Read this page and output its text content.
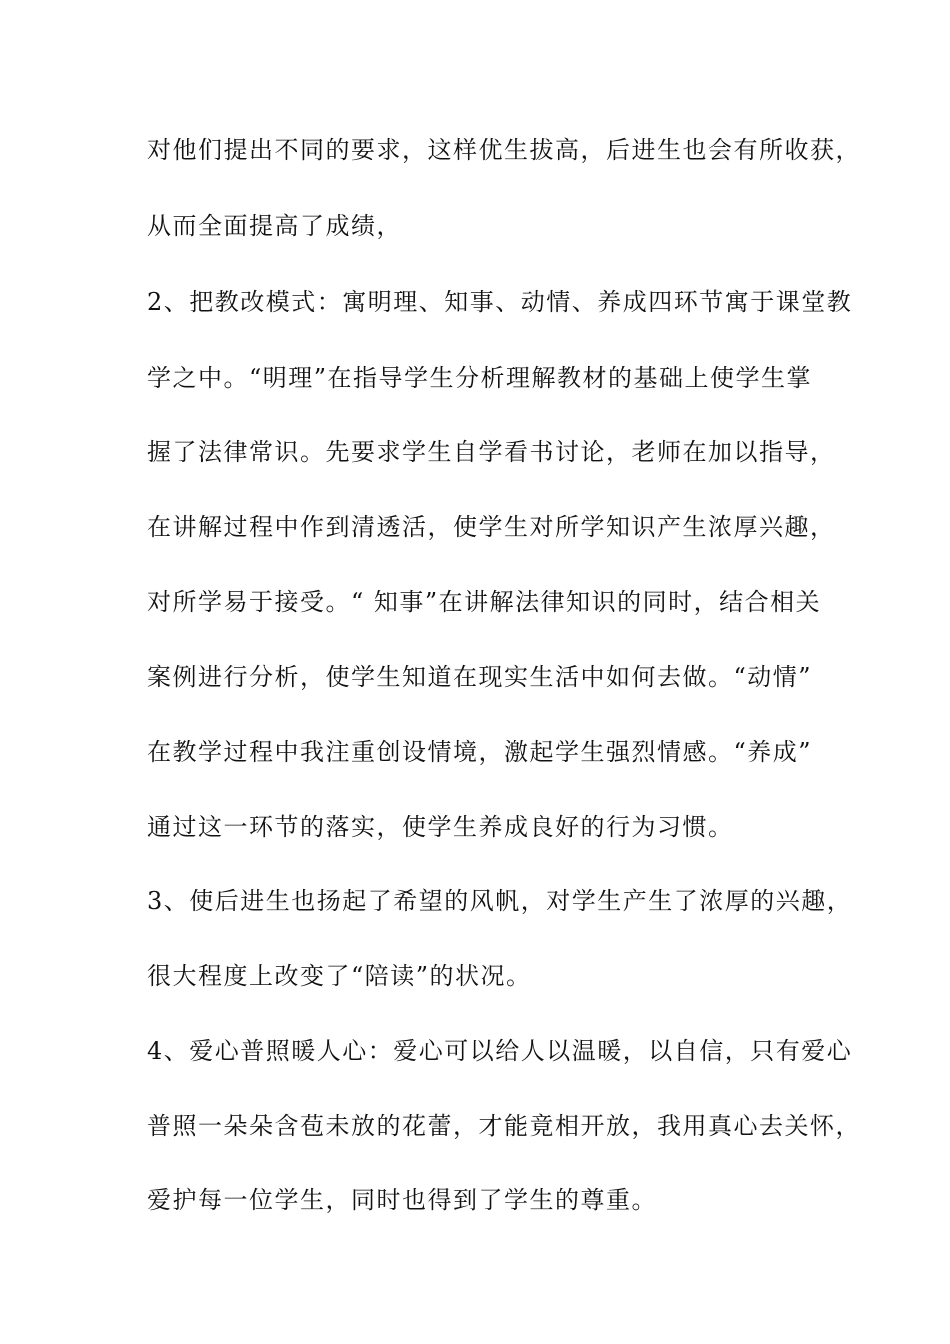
对他们提出不同的要求，这样优生拔高，后进生也会有所收获，
从而全面提高了成绩，
2、把教改模式：寓明理、知事、动情、养成四环节寓于课堂教
学之中。“明理”在指导学生分析理解教材的基础上使学生掌
握了法律常识。先要求学生自学看书讨论，老师在加以指导，
在讲解过程中作到清透活，使学生对所学知识产生浓厚兴趣，
对所学易于接受。“ 知事”在讲解法律知识的同时，结合相关
案例进行分析，使学生知道在现实生活中如何去做。“动情”
在教学过程中我注重创设情境，激起学生强烈情感。“养成”
通过这一环节的落实，使学生养成良好的行为习惯。
3、使后进生也扬起了希望的风帆，对学生产生了浓厚的兴趣，
很大程度上改变了“陪读”的状况。
4、爱心普照暖人心：爱心可以给人以温暖，以自信，只有爱心
普照一朵朵含苞未放的花蕾，才能竟相开放，我用真心去关怀，
爱护每一位学生，同时也得到了学生的尊重。
